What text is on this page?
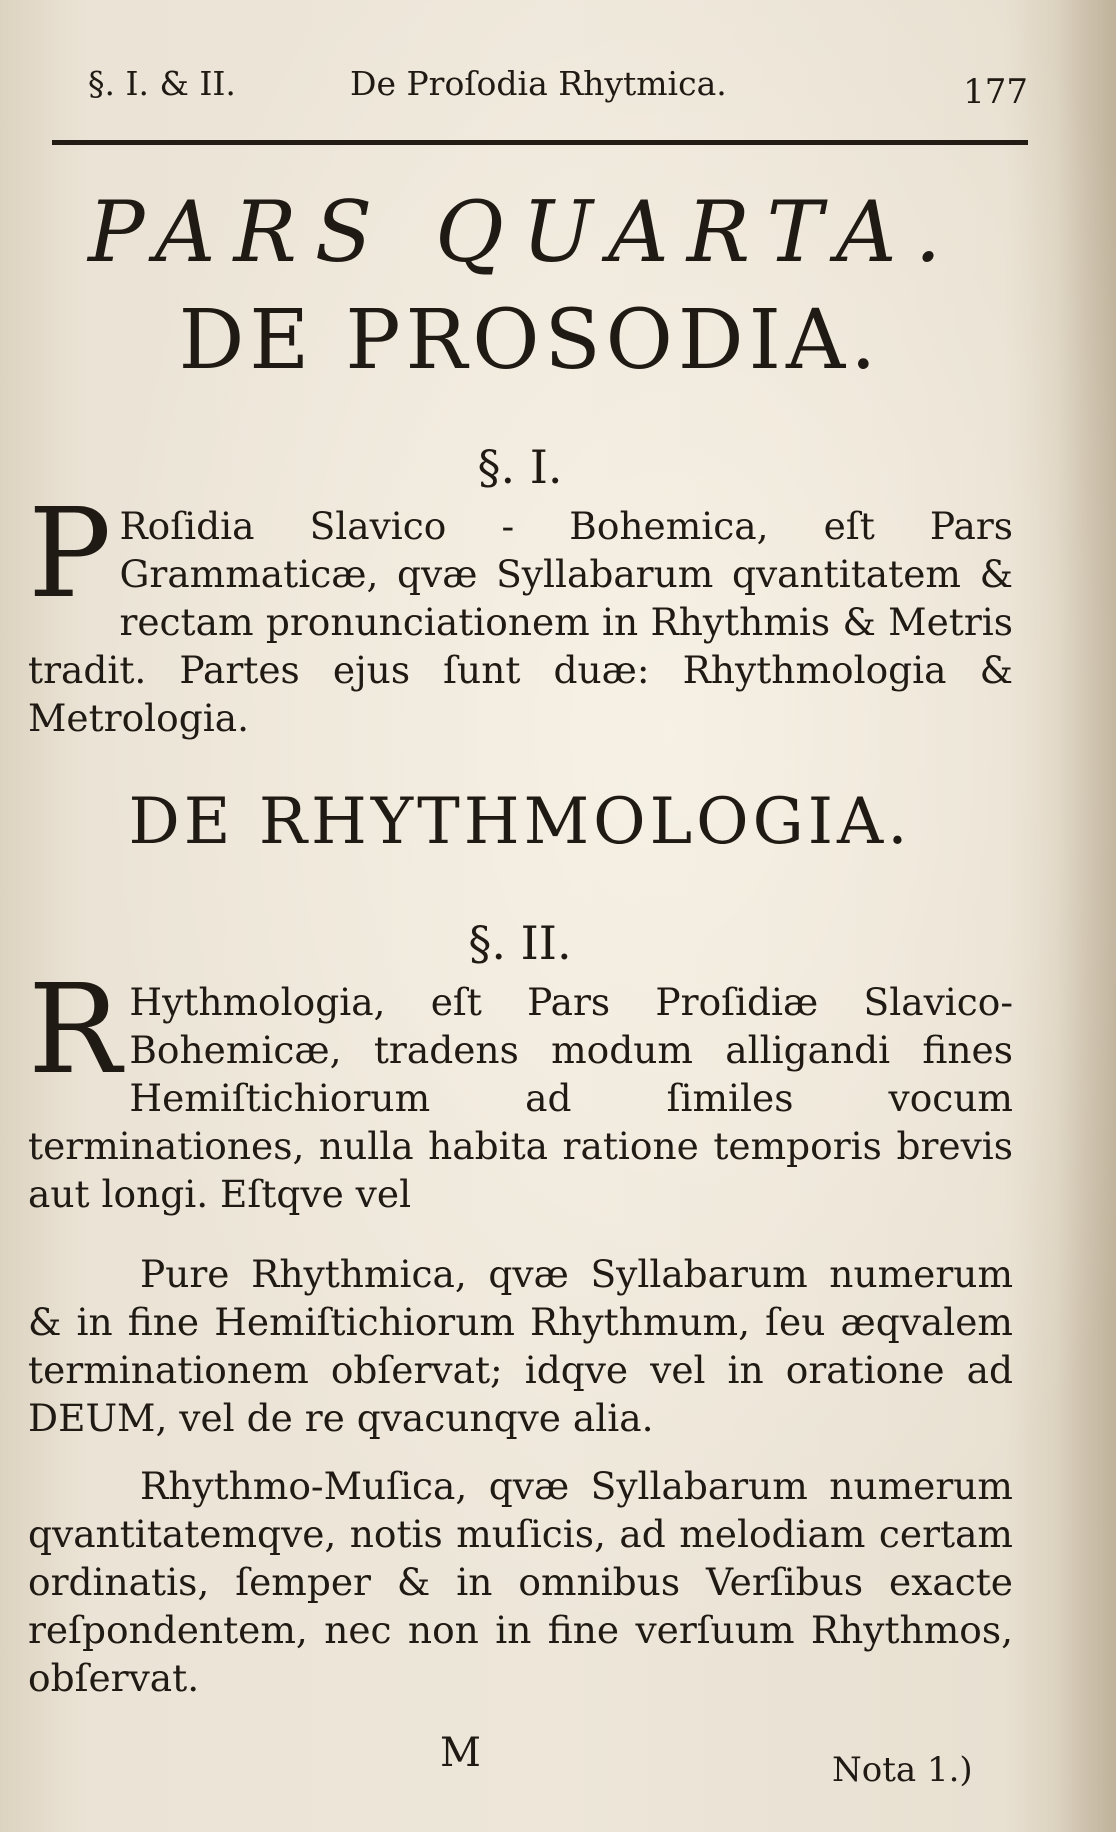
§. I. & II.	De Proſodia Rhytmica.	177
PARS QUARTA.
DE PROSODIA.
§. I.

P Roſidia Slavico - Bohemica, eſt Pars Grammaticæ, qvæ Syllabarum qvantitatem & rectam pronunciationem in Rhythmis & Metris tradit. Partes ejus ſunt duæ: Rhythmologia & Metrologia.

DE RHYTHMOLOGIA.
§. II.

R Hythmologia, eſt Pars Proſidiæ Slavico-Bohemicæ, tradens modum alligandi fines Hemiſtichiorum ad ſimiles vocum terminationes, nulla habita ratione temporis brevis aut longi. Eſtqve vel

Pure Rhythmica, qvæ Syllabarum numerum & in fine Hemiſtichiorum Rhythmum, ſeu æqvalem terminationem obſervat; idqve vel in oratione ad DEUM, vel de re qvacunqve alia.

Rhythmo-Muſica, qvæ Syllabarum numerum qvantitatemqve, notis muſicis, ad melodiam certam ordinatis, ſemper & in omnibus Verſibus exacte reſpondentem, nec non in fine verſuum Rhythmos, obſervat.

M	Nota 1.)
